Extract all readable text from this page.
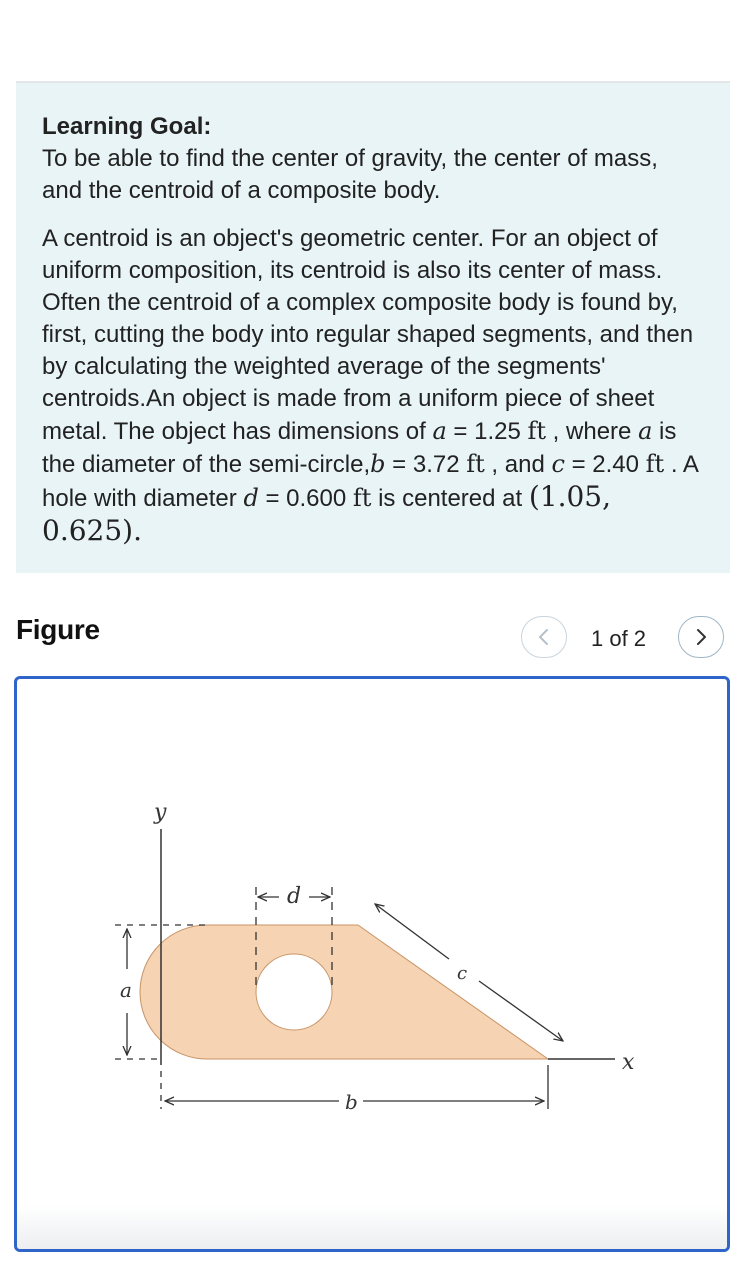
Learning Goal:

To be able to find the center of gravity, the center of mass, and the centroid of a composite body.

A centroid is an object's geometric center. For an object of uniform composition, its centroid is also its center of mass. Often the centroid of a complex composite body is found by, first, cutting the body into regular shaped segments, and then by calculating the weighted average of the segments' centroids.An object is made from a uniform piece of sheet metal. The object has dimensions of a = 1.25 ft , where a is the diameter of the semi-circle,b = 3.72 ft , and c = 2.40 ft . A hole with diameter d = 0.600 ft is centered at (1.05, 0.625).

Figure	1 of 2
y
x
a
d
c
b
